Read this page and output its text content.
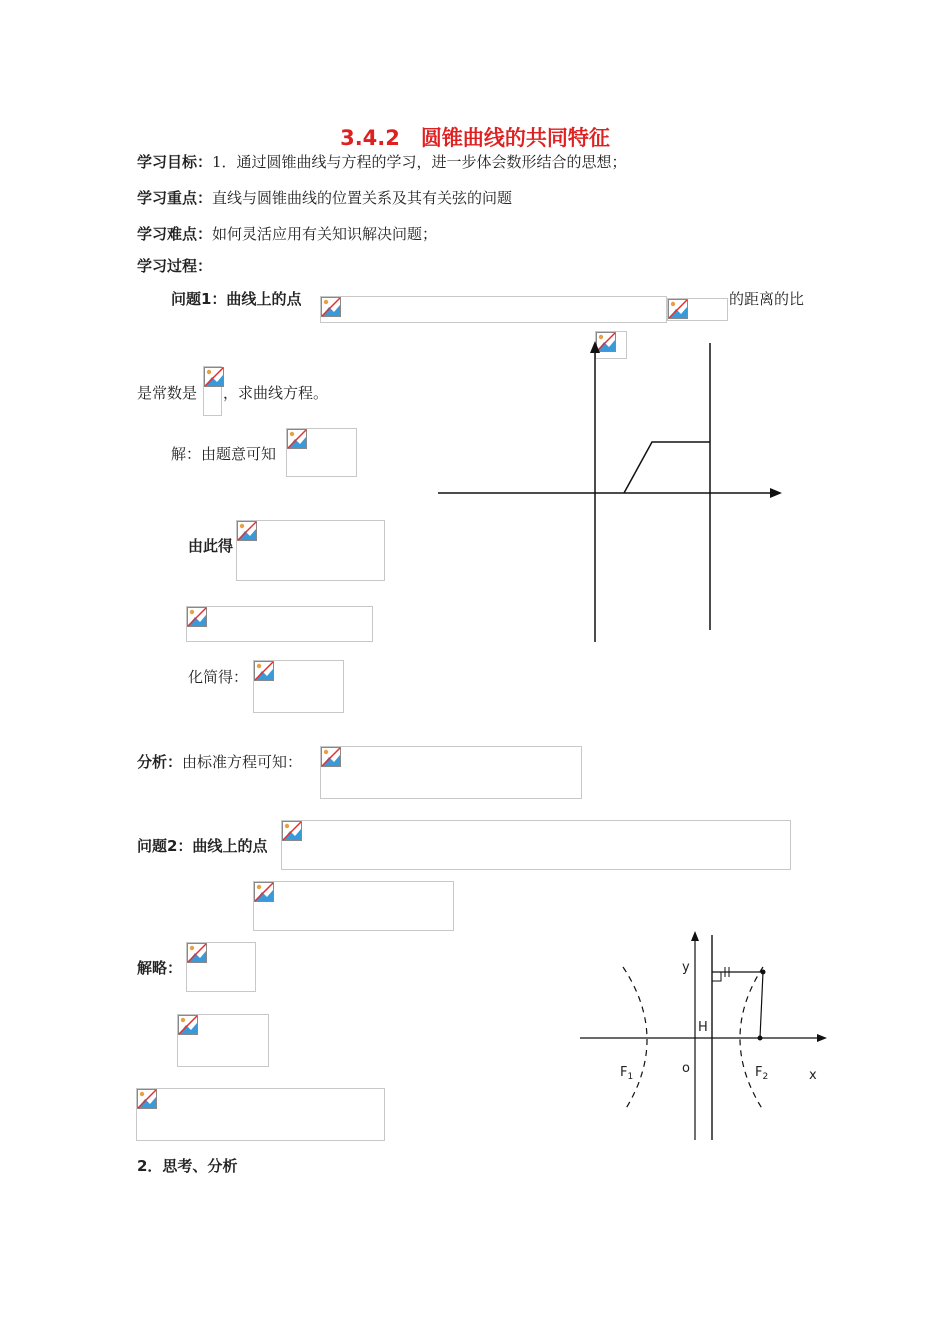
3.4.2　圆锥曲线的共同特征
学习目标：1．通过圆锥曲线与方程的学习，进一步体会数形结合的思想；
学习重点：直线与圆锥曲线的位置关系及其有关弦的问题
学习难点：如何灵活应用有关知识解决问题；
学习过程：
问题1：曲线上的点	的距离的比
是常数是 ，求曲线方程。
解：由题意可知
由此得
化简得：
分析：由标准方程可知：
问题2：曲线上的点
解略：	y
H
o
$F_1$	$F_2$	x
2．思考、分析
